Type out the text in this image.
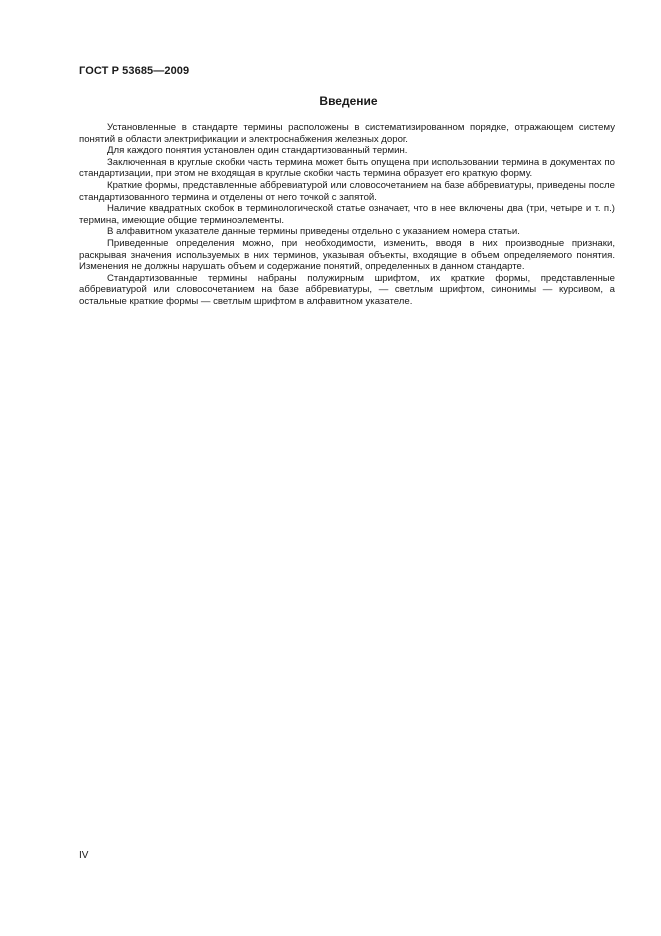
ГОСТ Р 53685—2009
Введение

Установленные в стандарте термины расположены в систематизированном порядке, отражающем систему понятий в области электрификации и электроснабжения железных дорог.

Для каждого понятия установлен один стандартизованный термин.

Заключенная в круглые скобки часть термина может быть опущена при использовании термина в документах по стандартизации, при этом не входящая в круглые скобки часть термина образует его краткую форму.

Краткие формы, представленные аббревиатурой или словосочетанием на базе аббревиатуры, приведены после стандартизованного термина и отделены от него точкой с запятой.

Наличие квадратных скобок в терминологической статье означает, что в нее включены два (три, четыре и т. п.) термина, имеющие общие терминоэлементы.

В алфавитном указателе данные термины приведены отдельно с указанием номера статьи.

Приведенные определения можно, при необходимости, изменить, вводя в них производные признаки, раскрывая значения используемых в них терминов, указывая объекты, входящие в объем определяемого понятия. Изменения не должны нарушать объем и содержание понятий, определенных в данном стандарте.

Стандартизованные термины набраны полужирным шрифтом, их краткие формы, представленные аббревиатурой или словосочетанием на базе аббревиатуры, — светлым шрифтом, синонимы — курсивом, а остальные краткие формы — светлым шрифтом в алфавитном указателе.

IV
